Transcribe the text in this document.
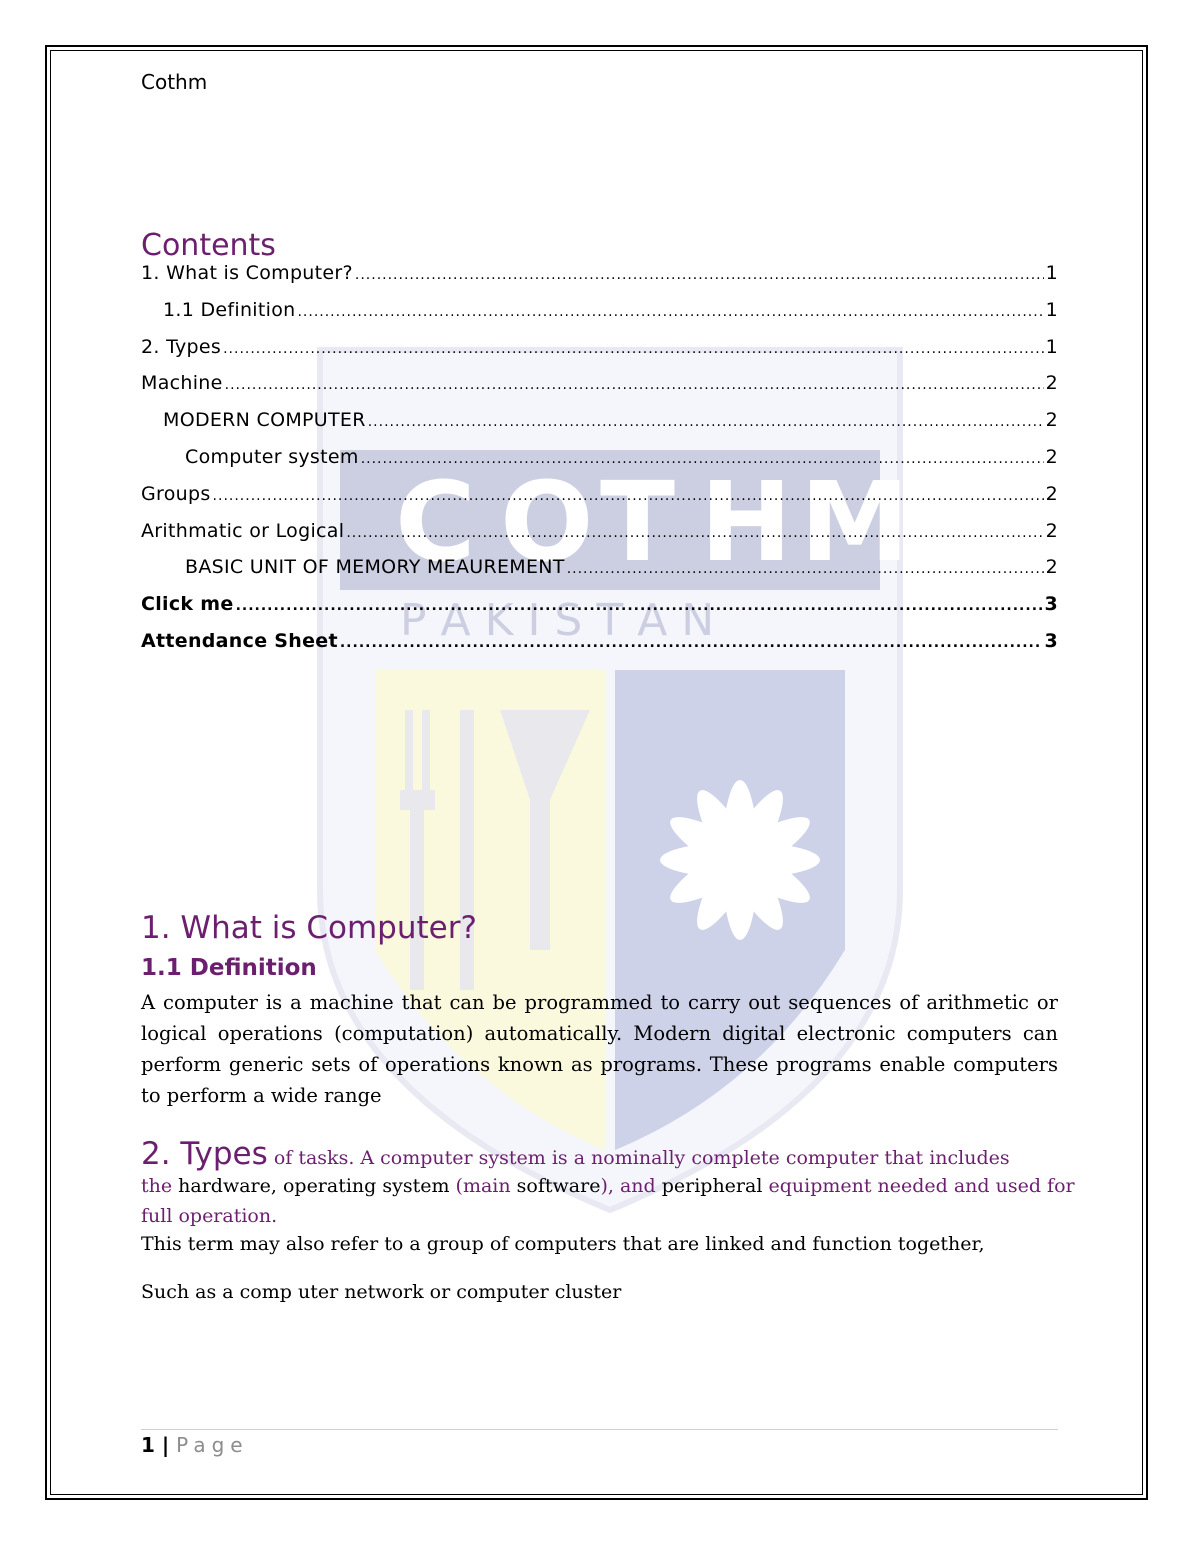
C O T H M
P A K I S T A N
Cothm
Contents
1. What is Computer? .....	1
1.1 Definition .....	1
2. Types .....	1
Machine .....	2
MODERN COMPUTER .....	2
Computer system .....	2
Groups .....	2
Arithmatic or Logical .....	2
BASIC UNIT OF MEMORY MEAUREMENT .....	2
Click me .....	3
Attendance Sheet .....	3
1. What is Computer?
1.1 Definition
A computer is a machine that can be programmed to carry out sequences of arithmetic or logical operations (computation) automatically. Modern digital electronic computers can perform generic sets of operations known as programs. These programs enable computers to perform a wide range
2. Types of tasks. A computer system is a nominally complete computer that includes
the hardware, operating system (main software), and peripheral equipment needed and used for
full operation.
This term may also refer to a group of computers that are linked and function together,
Such as a comp uter network or computer cluster
1 | Page
